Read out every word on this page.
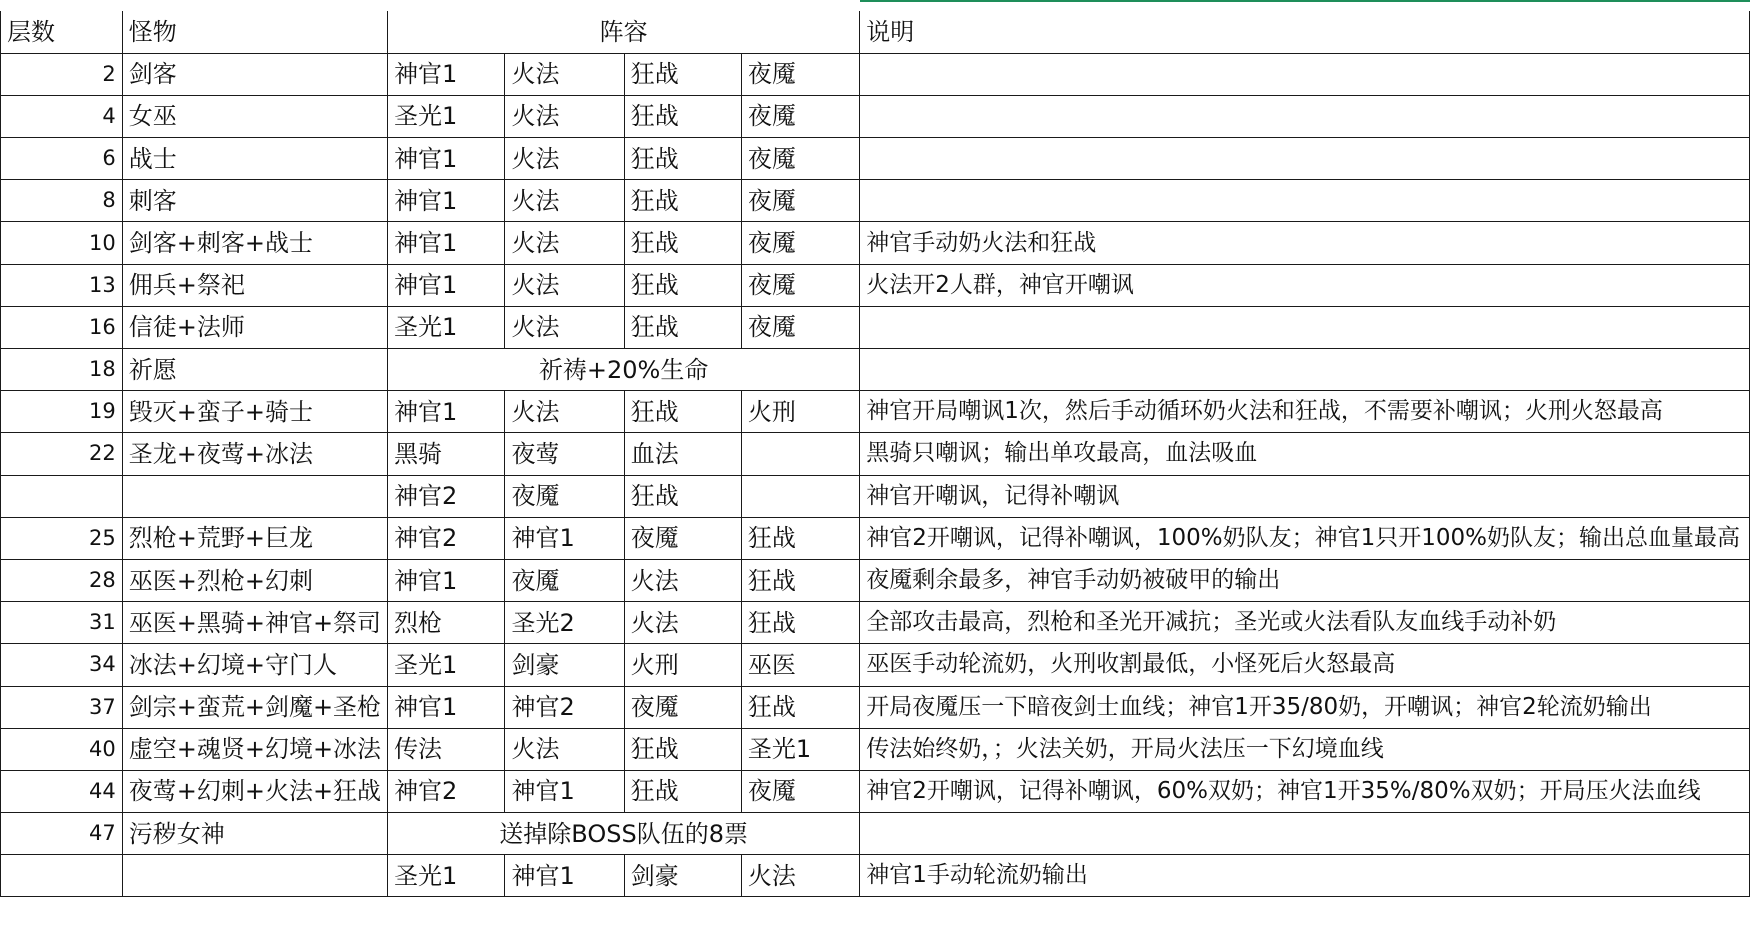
层数	怪物	阵容				说明
2	剑客	神官1	火法	狂战	夜魇	
4	女巫	圣光1	火法	狂战	夜魇	
6	战士	神官1	火法	狂战	夜魇	
8	刺客	神官1	火法	狂战	夜魇	
10	剑客+刺客+战士	神官1	火法	狂战	夜魇	神官手动奶火法和狂战
13	佣兵+祭祀	神官1	火法	狂战	夜魇	火法开2人群，神官开嘲讽
16	信徒+法师	圣光1	火法	狂战	夜魇	
18	祈愿	祈祷+20%生命				
19	毁灭+蛮子+骑士	神官1	火法	狂战	火刑	神官开局嘲讽1次，然后手动循环奶火法和狂战，不需要补嘲讽；火刑火怒最高
22	圣龙+夜莺+冰法	黑骑	夜莺	血法		黑骑只嘲讽；输出单攻最高，血法吸血
		神官2	夜魇	狂战		神官开嘲讽，记得补嘲讽
25	烈枪+荒野+巨龙	神官2	神官1	夜魇	狂战	神官2开嘲讽，记得补嘲讽，100%奶队友；神官1只开100%奶队友；输出总血量最高
28	巫医+烈枪+幻刺	神官1	夜魇	火法	狂战	夜魇剩余最多，神官手动奶被破甲的输出
31	巫医+黑骑+神官+祭司	烈枪	圣光2	火法	狂战	全部攻击最高，烈枪和圣光开减抗；圣光或火法看队友血线手动补奶
34	冰法+幻境+守门人	圣光1	剑豪	火刑	巫医	巫医手动轮流奶，火刑收割最低，小怪死后火怒最高
37	剑宗+蛮荒+剑魔+圣枪	神官1	神官2	夜魇	狂战	开局夜魇压一下暗夜剑士血线；神官1开35/80奶，开嘲讽；神官2轮流奶输出
40	虚空+魂贤+幻境+冰法	传法	火法	狂战	圣光1	传法始终奶，；火法关奶，开局火法压一下幻境血线
44	夜莺+幻刺+火法+狂战	神官2	神官1	狂战	夜魇	神官2开嘲讽，记得补嘲讽，60%双奶；神官1开35%/80%双奶；开局压火法血线
47	污秽女神	送掉除BOSS队伍的8票				
		圣光1	神官1	剑豪	火法	神官1手动轮流奶输出
